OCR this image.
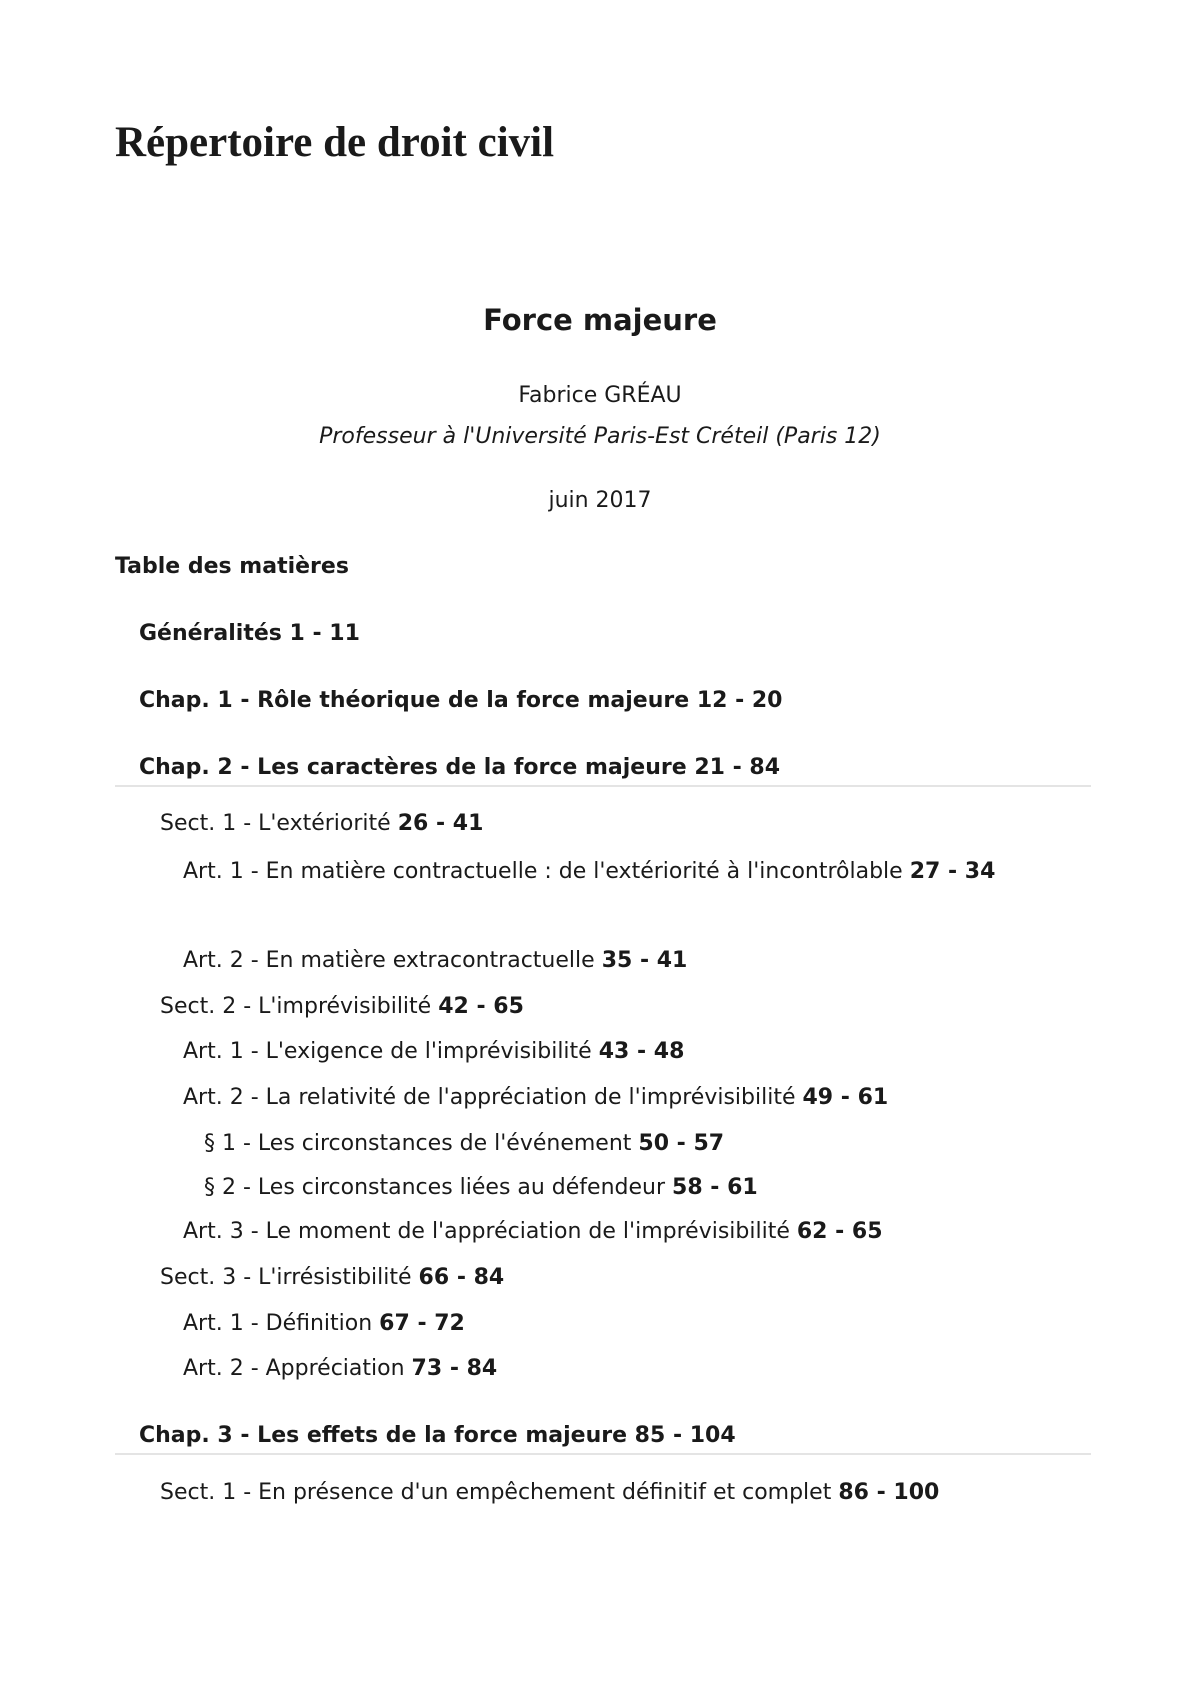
Répertoire de droit civil
Force majeure
Fabrice GRÉAU
Professeur à l'Université Paris-Est Créteil (Paris 12)
juin 2017
Table des matières
Généralités 1 - 11
Chap. 1 - Rôle théorique de la force majeure 12 - 20
Chap. 2 - Les caractères de la force majeure 21 - 84
Sect. 1 - L'extériorité 26 - 41
Art. 1 - En matière contractuelle : de l'extériorité à l'incontrôlable 27 - 34
Art. 2 - En matière extracontractuelle 35 - 41
Sect. 2 - L'imprévisibilité 42 - 65
Art. 1 - L'exigence de l'imprévisibilité 43 - 48
Art. 2 - La relativité de l'appréciation de l'imprévisibilité 49 - 61
§ 1 - Les circonstances de l'événement 50 - 57
§ 2 - Les circonstances liées au défendeur 58 - 61
Art. 3 - Le moment de l'appréciation de l'imprévisibilité 62 - 65
Sect. 3 - L'irrésistibilité 66 - 84
Art. 1 - Définition 67 - 72
Art. 2 - Appréciation 73 - 84
Chap. 3 - Les effets de la force majeure 85 - 104
Sect. 1 - En présence d'un empêchement définitif et complet 86 - 100
